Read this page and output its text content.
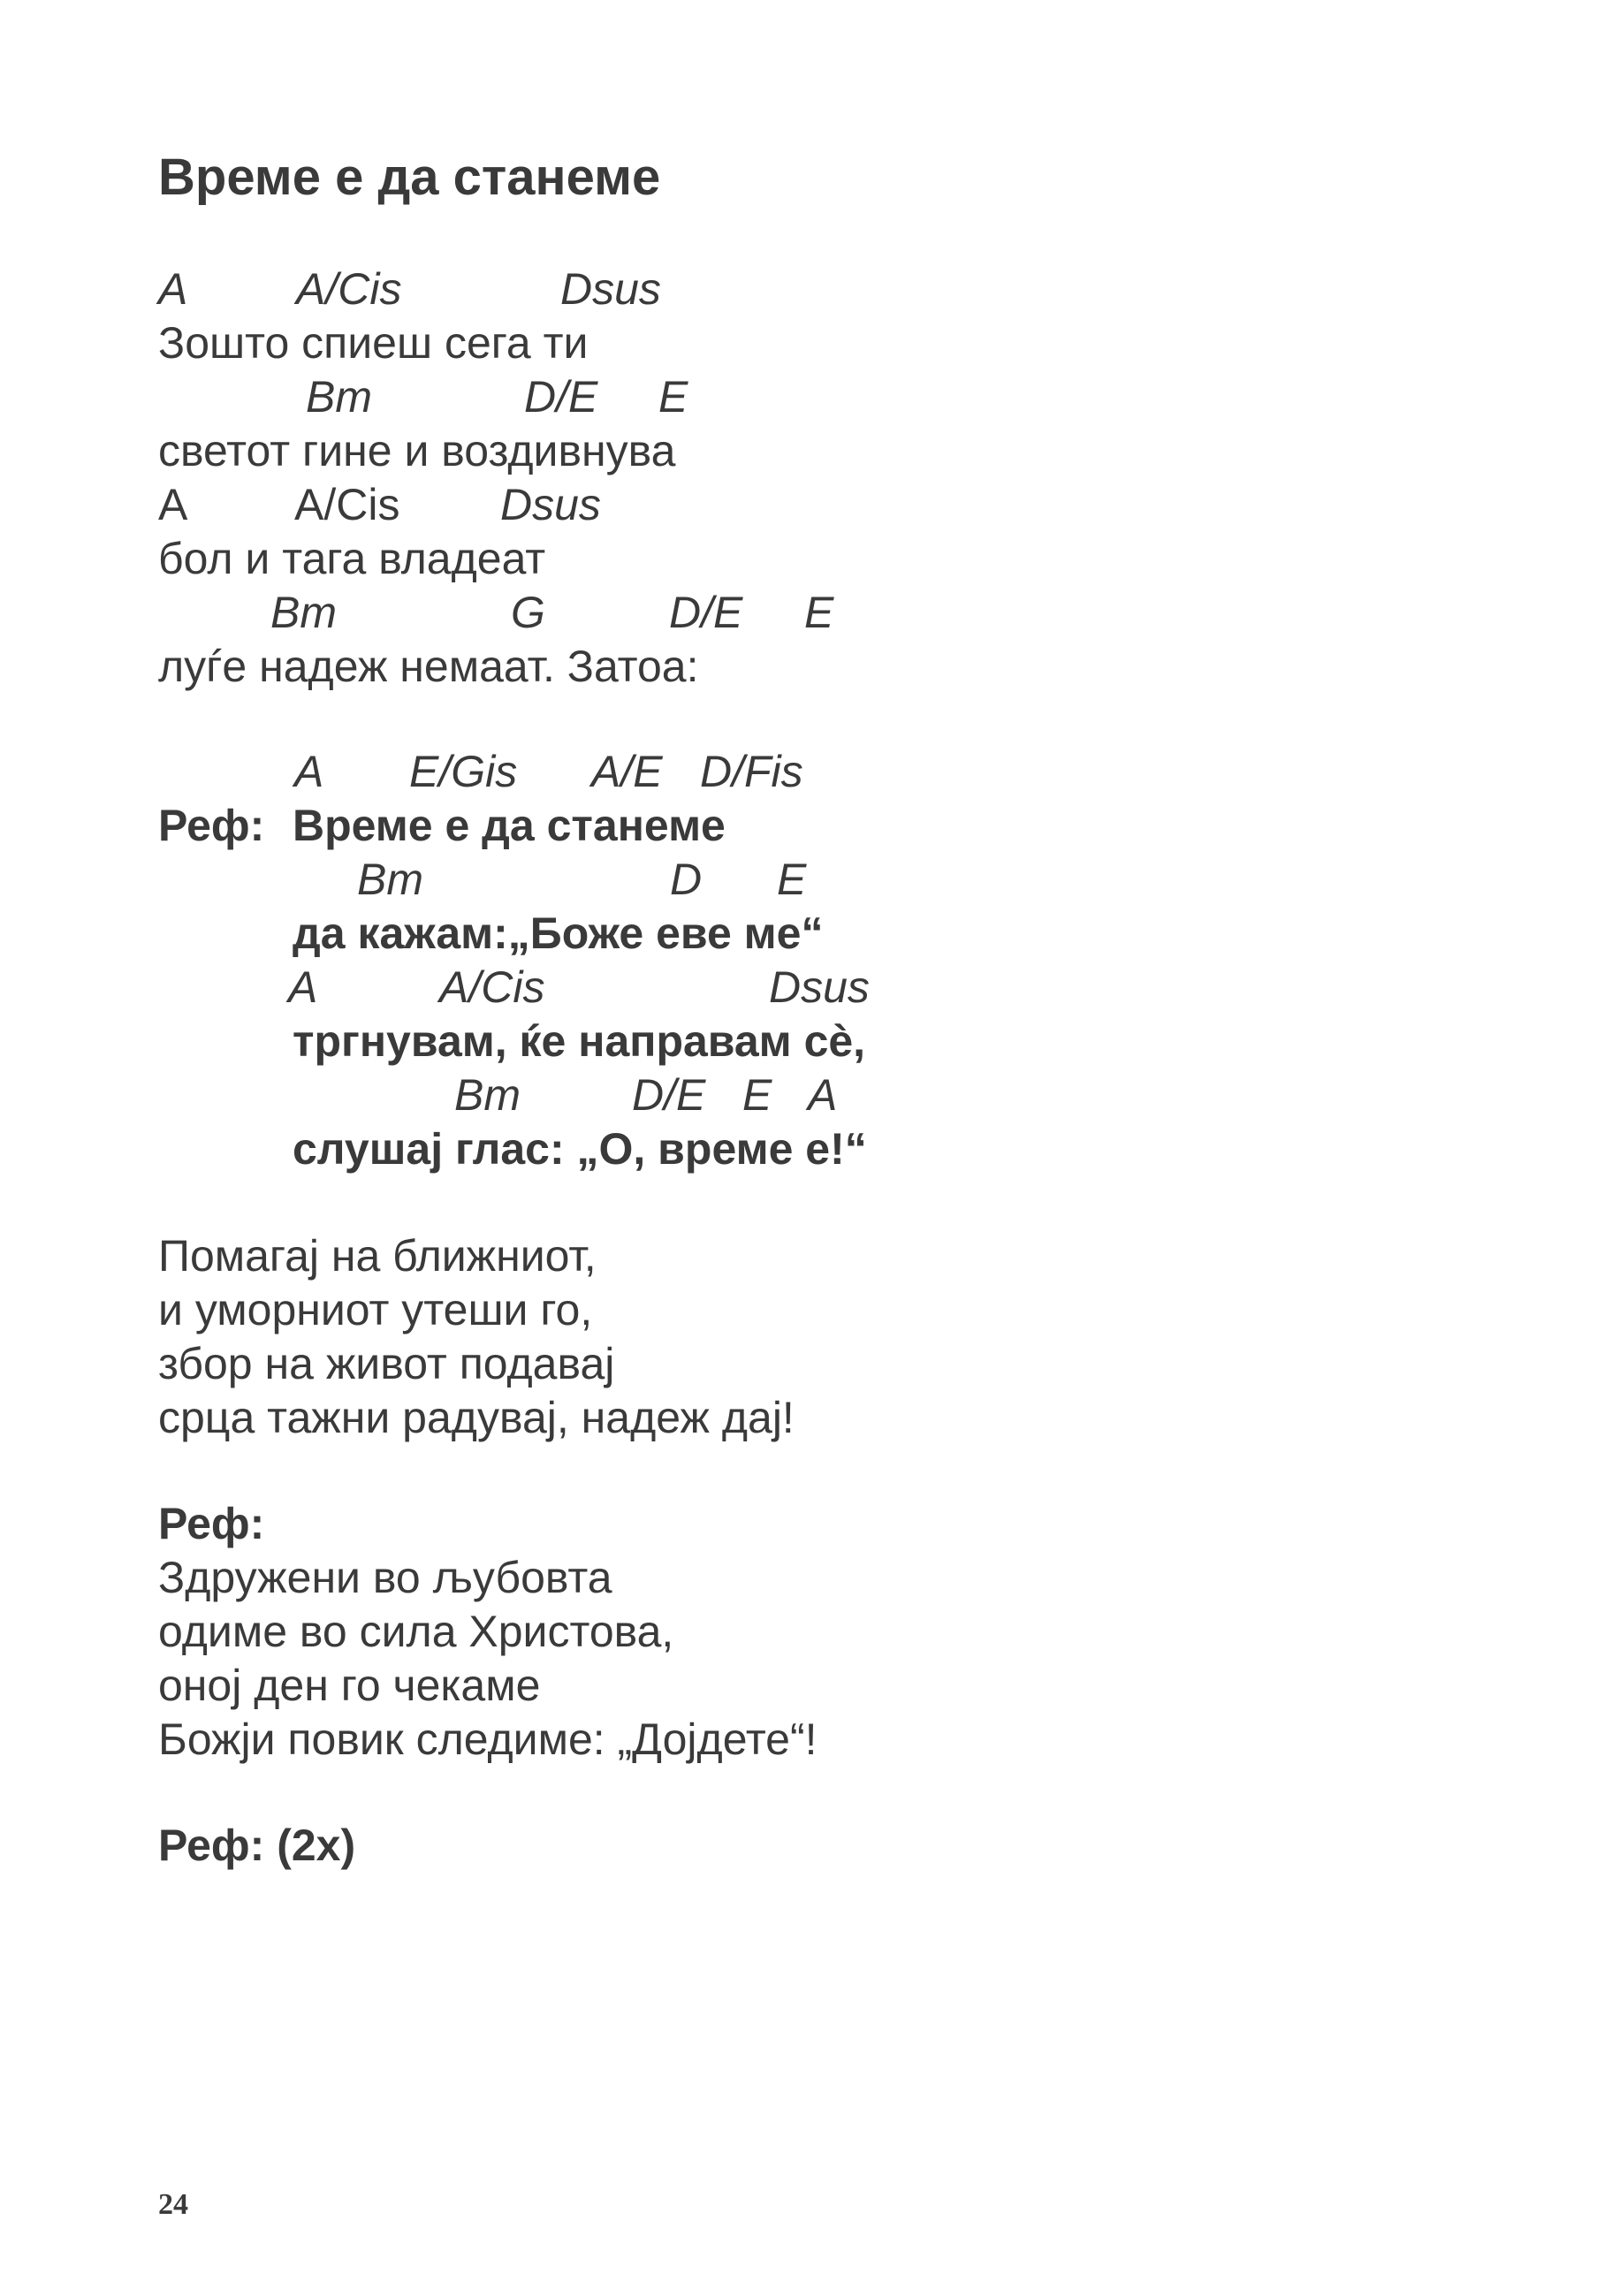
Време е да станеме
A A/Cis	Dsus
Зошто спиеш сега ти
Bm	D/E E
светот гине и воздивнува
A A/Cis Dsus
бол и тага владеат
Bm	G	D/E E
луѓе надеж немаат. Затоа:
A E/Gis A/E D/Fis
Реф: Време е да станеме
Bm	D E
да кажам:„Боже еве ме“
A	A/Cis	Dsus
тргнувам, ќе направам сè,
Bm	D/E E A
слушај глас: „О, време е!“
Помагај на ближниот,
и уморниот утеши го,
збор на живот подавај
срца тажни радувај, надеж дај!
Реф:
Здружени во љубовта
одиме во сила Христова,
оној ден го чекаме
Божји повик следиме: „Дојдете“!
Реф: (2x)
24
